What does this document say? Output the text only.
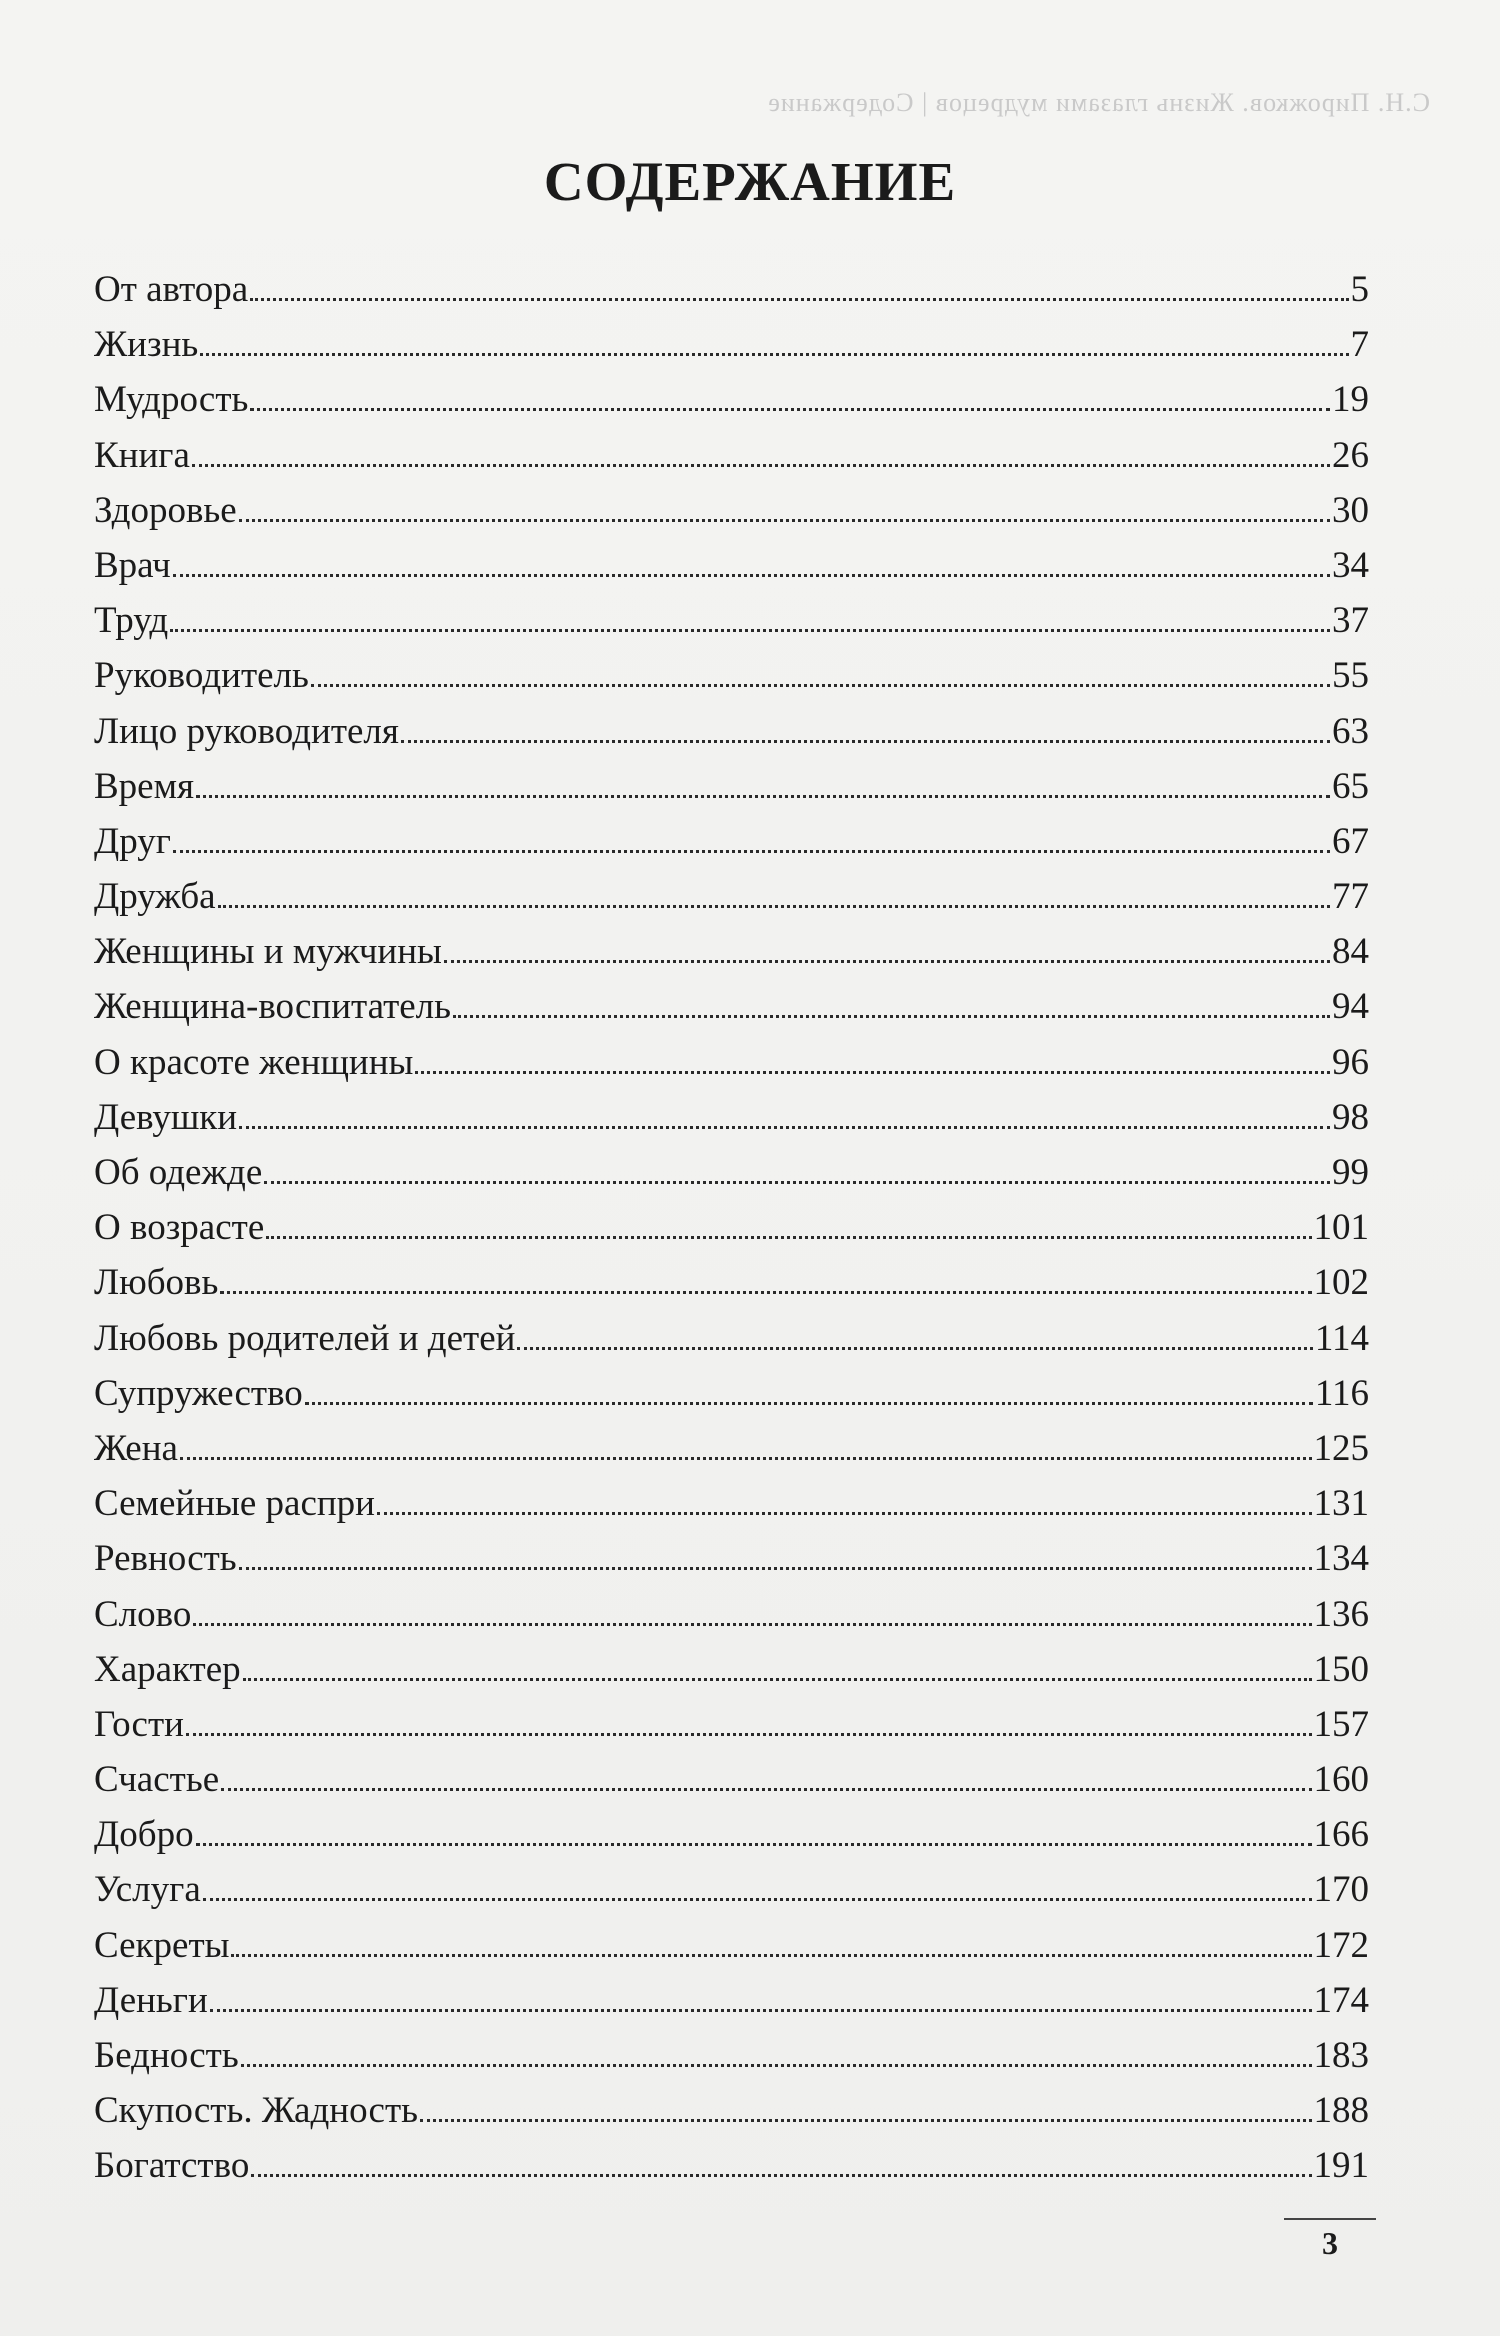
С.Н. Пирожков. Жизнь глазами мудрецов | Содержание
СОДЕРЖАНИЕ
От автора	5
Жизнь	7
Мудрость	19
Книга	26
Здоровье	30
Врач	34
Труд	37
Руководитель	55
Лицо руководителя	63
Время	65
Друг	67
Дружба	77
Женщины и мужчины	84
Женщина-воспитатель	94
О красоте женщины	96
Девушки	98
Об одежде	99
О возрасте	101
Любовь	102
Любовь родителей и детей	114
Супружество	116
Жена	125
Семейные распри	131
Ревность	134
Слово	136
Характер	150
Гости	157
Счастье	160
Добро	166
Услуга	170
Секреты	172
Деньги	174
Бедность	183
Скупость. Жадность	188
Богатство	191
3
